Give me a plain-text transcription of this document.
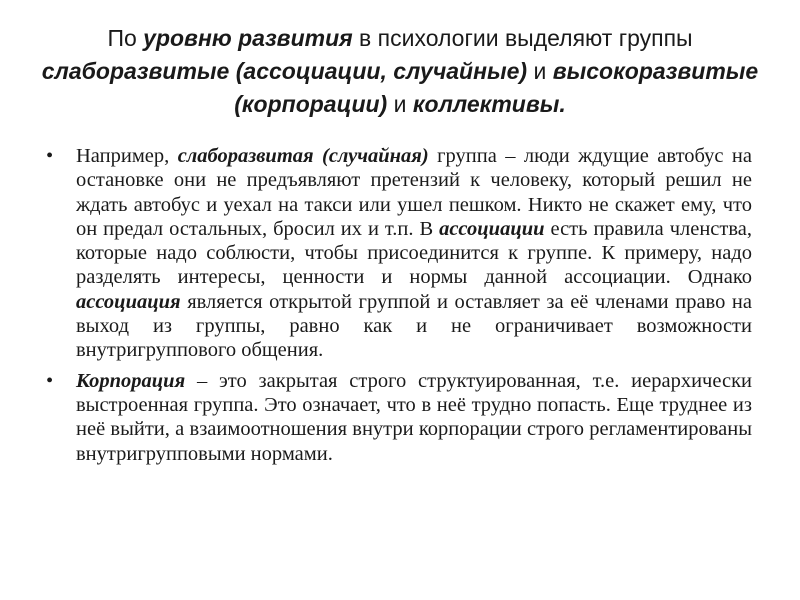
По уровню развития в психологии выделяют группы слаборазвитые (ассоциации, случайные) и высокоразвитые (корпорации) и коллективы.
•	Например, слаборазвитая (случайная) группа – люди ждущие автобус на остановке они не предъявляют претензий к человеку, который решил не ждать автобус и уехал на такси или ушел пешком. Никто не скажет ему, что он предал остальных, бросил их и т.п. В ассоциации есть правила членства, которые надо соблюсти, чтобы присоединится к группе. К примеру, надо разделять интересы, ценности и нормы данной ассоциации. Однако ассоциация является открытой группой и оставляет за её членами право на выход из группы, равно как и не ограничивает возможности внутригруппового общения.
•	Корпорация – это закрытая строго структуированная, т.е. иерархически выстроенная группа. Это означает, что в неё трудно попасть. Еще труднее из неё выйти, а взаимоотношения внутри корпорации строго регламентированы внутригрупповыми нормами.
